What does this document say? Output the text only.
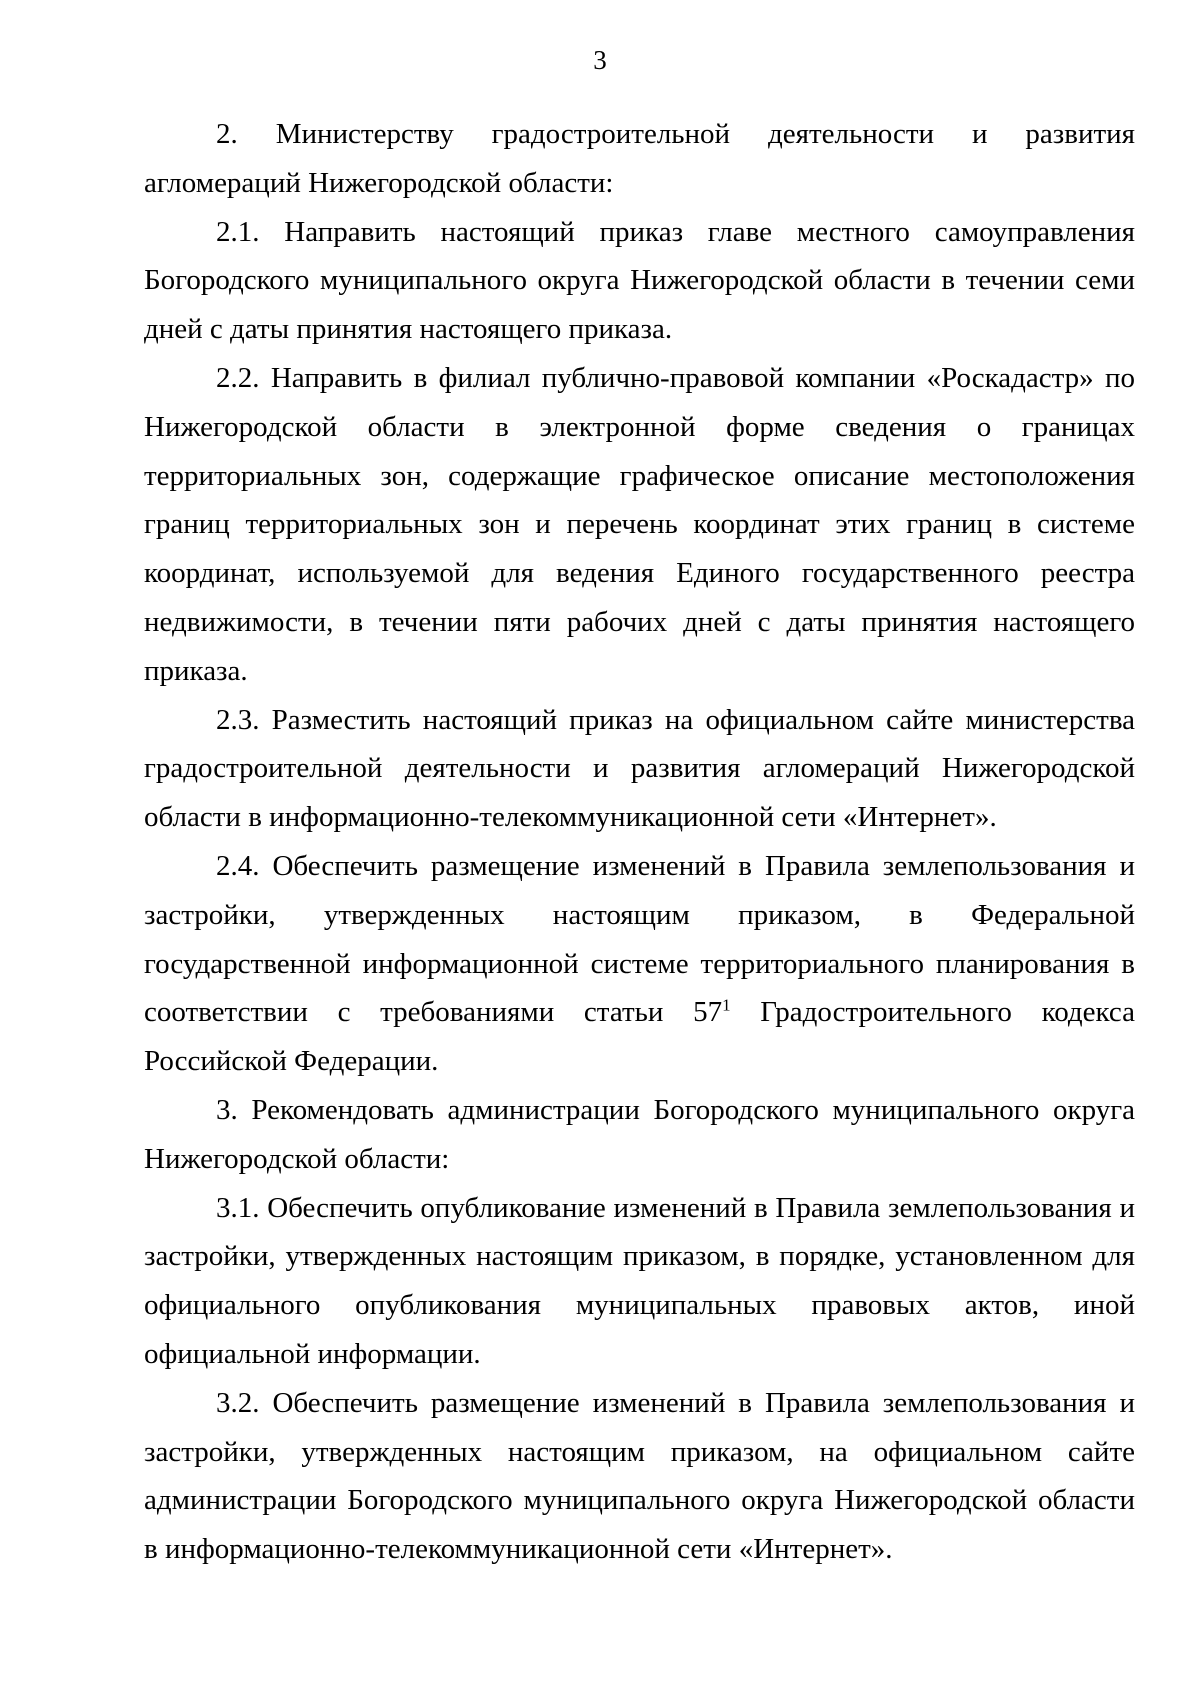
3

2. Министерству градостроительной деятельности и развития агломераций Нижегородской области:

2.1. Направить настоящий приказ главе местного самоуправления Богородского муниципального округа Нижегородской области в течении семи дней с даты принятия настоящего приказа.

2.2. Направить в филиал публично-правовой компании «Роскадастр» по Нижегородской области в электронной форме сведения о границах территориальных зон, содержащие графическое описание местоположения границ территориальных зон и перечень координат этих границ в системе координат, используемой для ведения Единого государственного реестра недвижимости, в течении пяти рабочих дней с даты принятия настоящего приказа.

2.3. Разместить настоящий приказ на официальном сайте министерства градостроительной деятельности и развития агломераций Нижегородской области в информационно-телекоммуникационной сети «Интернет».

2.4. Обеспечить размещение изменений в Правила землепользования и застройки, утвержденных настоящим приказом, в Федеральной государственной информационной системе территориального планирования в соответствии с требованиями статьи $57^1$ Градостроительного кодекса Российской Федерации.

3. Рекомендовать администрации Богородского муниципального округа Нижегородской области:

3.1. Обеспечить опубликование изменений в Правила землепользования и застройки, утвержденных настоящим приказом, в порядке, установленном для официального опубликования муниципальных правовых актов, иной официальной информации.

3.2. Обеспечить размещение изменений в Правила землепользования и застройки, утвержденных настоящим приказом, на официальном сайте администрации Богородского муниципального округа Нижегородской области в информационно-телекоммуникационной сети «Интернет».
